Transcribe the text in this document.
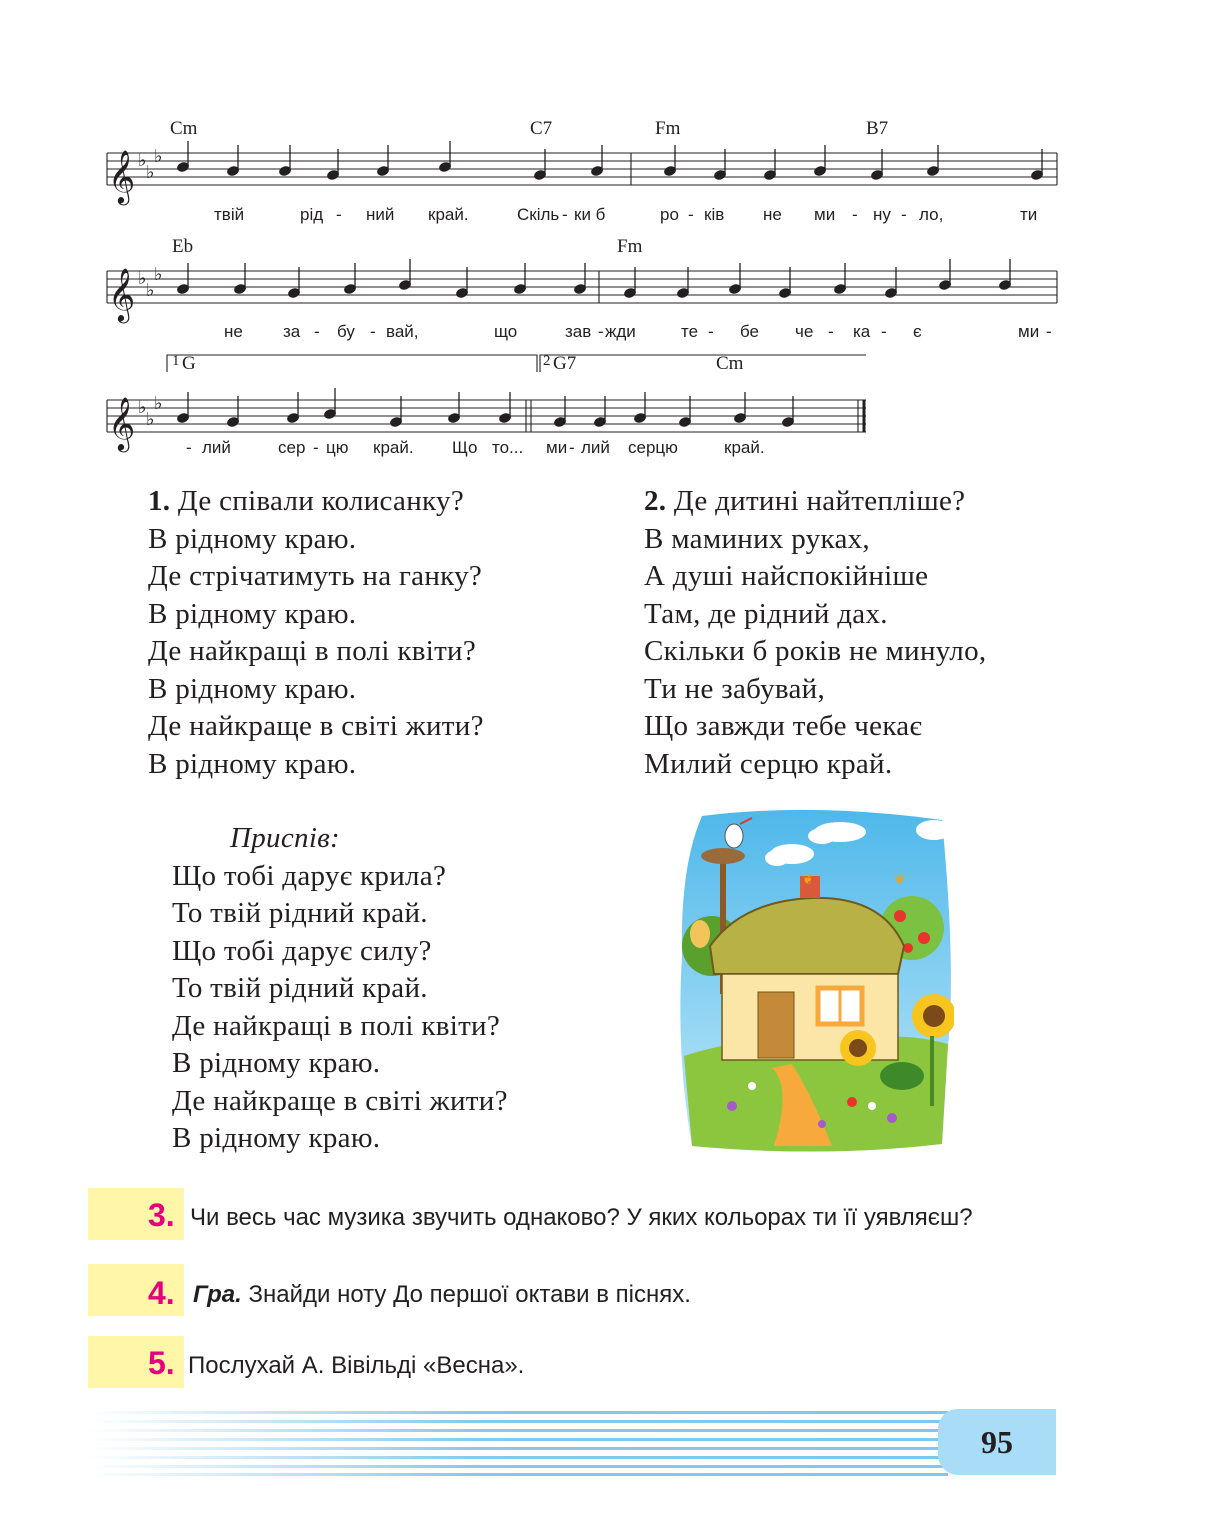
Cm	C7	Fm	B7
Eb	Fm
1 G	2 G7	Cm
𝄞
𝄞
𝄞
♭
♭
♭
♭
♭
♭
♭
♭
♭
твій	рід - ний край.	Скіль - ки б	ро - ків не ми - ну - ло,	ти
не за - бу - вай,	що	зав - жди	те - бе че - ка - є	ми -
- лий	сер - цю край. Що то... ми - лий серцю	край.
1. Де співали колисанку?
В рідному краю.
Де стрічатимуть на ганку?
В рідному краю.
Де найкращі в полі квіти?
В рідному краю.
Де найкраще в світі жити?
В рідному краю.
2. Де дитині найтепліше?
В маминих руках,
А душі найспокійніше
Там, де рідний дах.
Скільки б років не минуло,
Ти не забувай,
Що завжди тебе чекає
Милий серцю край.
Приспів:
Що тобі дарує крила?
То твій рідний край.
Що тобі дарує силу?
То твій рідний край.
Де найкращі в полі квіти?
В рідному краю.
Де найкраще в світі жити?
В рідному краю.
❦	❦
3. Чи весь час музика звучить однаково? У яких кольорах ти її уявляєш?
4. Гра. Знайди ноту До першої октави в піснях.
5. Послухай А. Вівільді «Весна».
95
